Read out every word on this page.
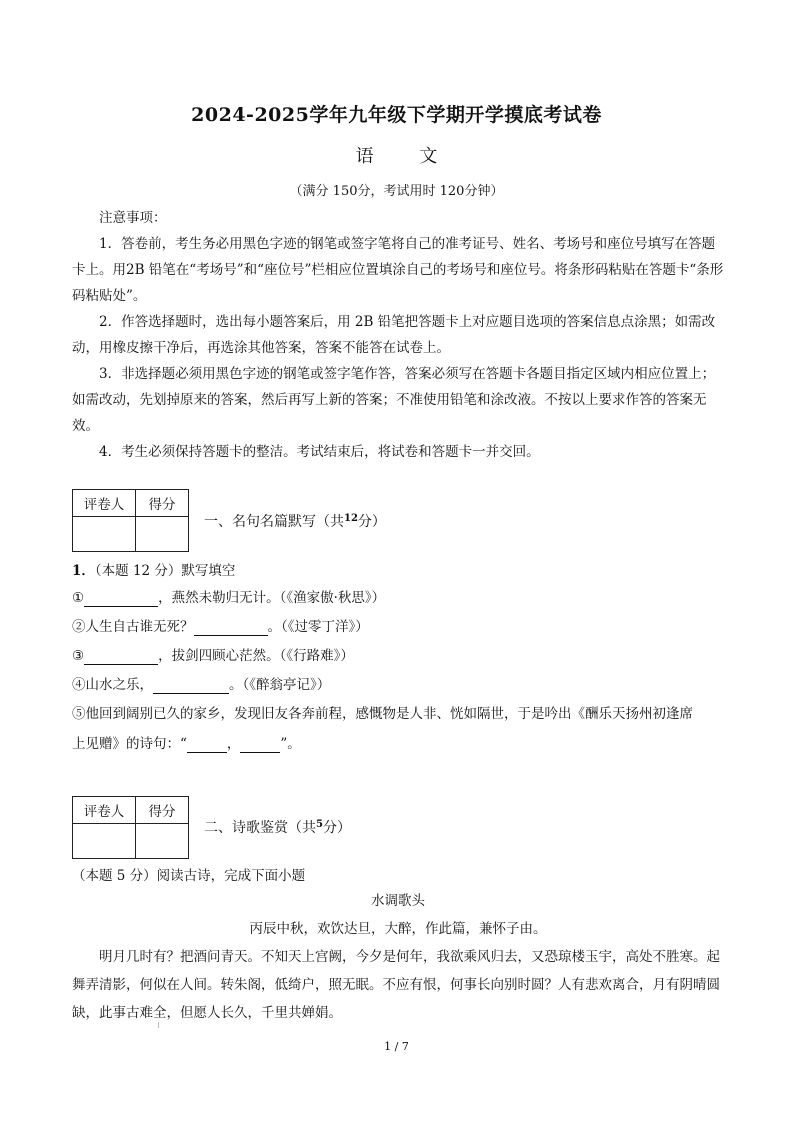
2024-2025学年九年级下学期开学摸底考试卷
语 文
（满分 150分，考试用时 120分钟）

注意事项：

1．答卷前，考生务必用黑色字迹的钢笔或签字笔将自己的准考证号、姓名、考场号和座位号填写在答题卡上。用2B 铅笔在“考场号”和“座位号”栏相应位置填涂自己的考场号和座位号。将条形码粘贴在答题卡“条形码粘贴处”。

2．作答选择题时，选出每小题答案后，用 2B 铅笔把答题卡上对应题目选项的答案信息点涂黑；如需改动，用橡皮擦干净后，再选涂其他答案，答案不能答在试卷上。

3．非选择题必须用黑色字迹的钢笔或签字笔作答，答案必须写在答题卡各题目指定区域内相应位置上；如需改动，先划掉原来的答案，然后再写上新的答案；不准使用铅笔和涂改液。不按以上要求作答的答案无效。

4．考生必须保持答题卡的整洁。考试结束后，将试卷和答题卡一并交回。

评卷人	得分

一、名句名篇默写（共$^{12}$分）
1．（本题 12 分）默写填空
①	，燕然未勒归无计。（《渔家傲·秋思》）
②人生自古谁无死？	。（《过零丁洋》）
③	，拔剑四顾心茫然。（《行路难》）
④山水之乐，	。（《醉翁亭记》）
⑤他回到阔别已久的家乡，发现旧友各奔前程，感慨物是人非、恍如隔世，于是吟出《酬乐天扬州初逢席
上见赠》的诗句：“	，	”。
评卷人	得分

二、诗歌鉴赏（共$^5$分）
（本题 5 分）阅读古诗，完成下面小题

水调歌头

丙辰中秋，欢饮达旦，大醉，作此篇，兼怀子由。

明月几时有？把酒问青天。不知天上宫阙，今夕是何年，我欲乘风归去，又恐琼楼玉宇，高处不胜寒。起舞弄清影，何似在人间。转朱阁，低绮户，照无眠。不应有恨，何事长向别时圆？人有悲欢离合，月有阴晴圆缺，此事古难全，但愿人长久，千里共婵娟。

1 / 7
